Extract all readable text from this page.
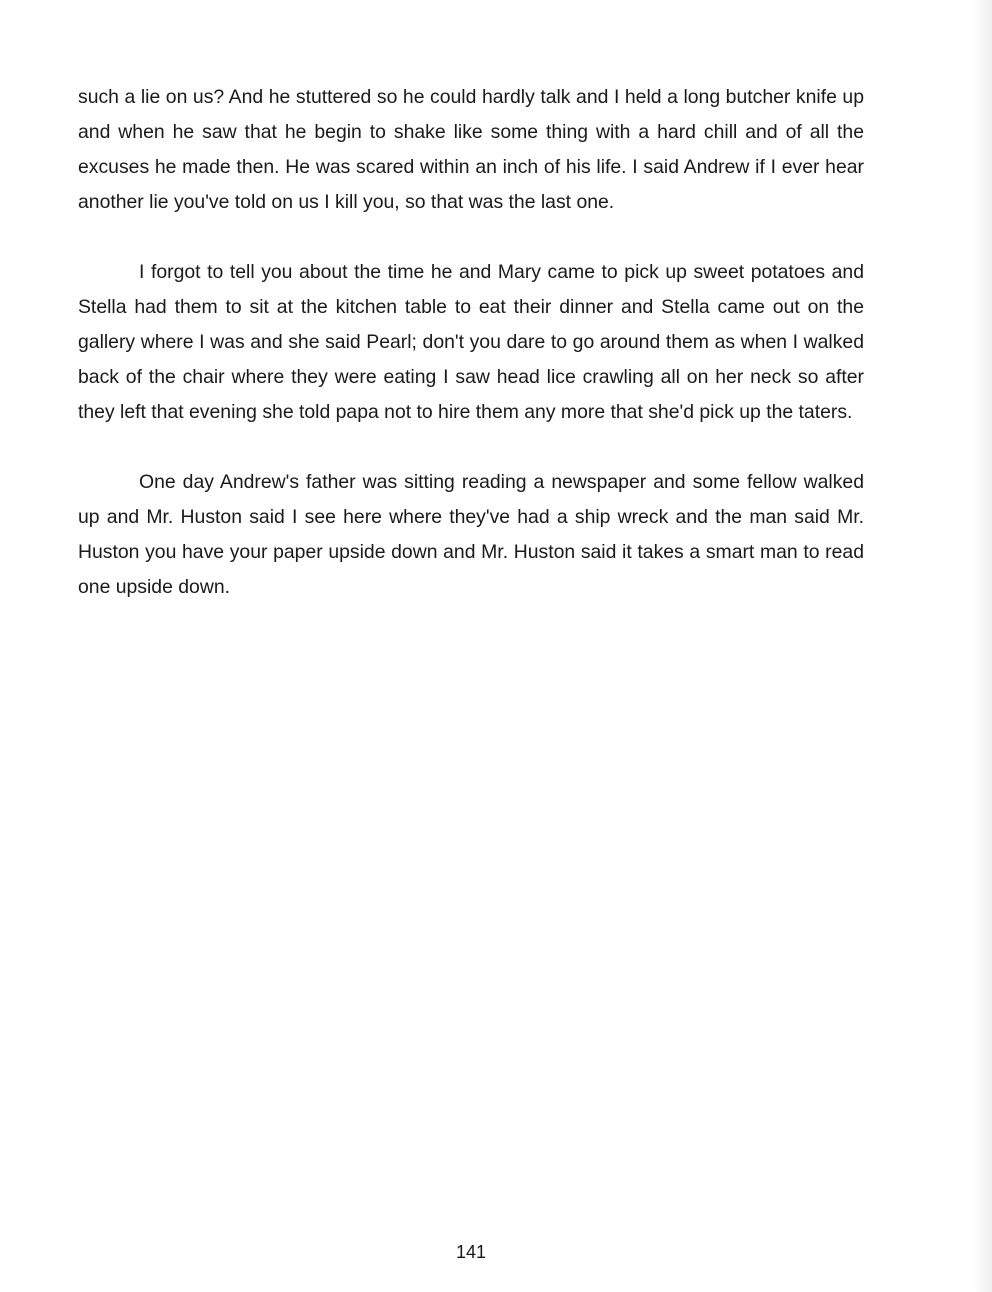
such a lie on us? And he stuttered so he could hardly talk and I held a long butcher knife up and when he saw that he begin to shake like some thing with a hard chill and of all the excuses he made then. He was scared within an inch of his life. I said Andrew if I ever hear another lie you've told on us I kill you, so that was the last one.

I forgot to tell you about the time he and Mary came to pick up sweet potatoes and Stella had them to sit at the kitchen table to eat their dinner and Stella came out on the gallery where I was and she said Pearl; don't you dare to go around them as when I walked back of the chair where they were eating I saw head lice crawling all on her neck so after they left that evening she told papa not to hire them any more that she'd pick up the taters.

One day Andrew's father was sitting reading a newspaper and some fellow walked up and Mr. Huston said I see here where they've had a ship wreck and the man said Mr. Huston you have your paper upside down and Mr. Huston said it takes a smart man to read one upside down.

141
